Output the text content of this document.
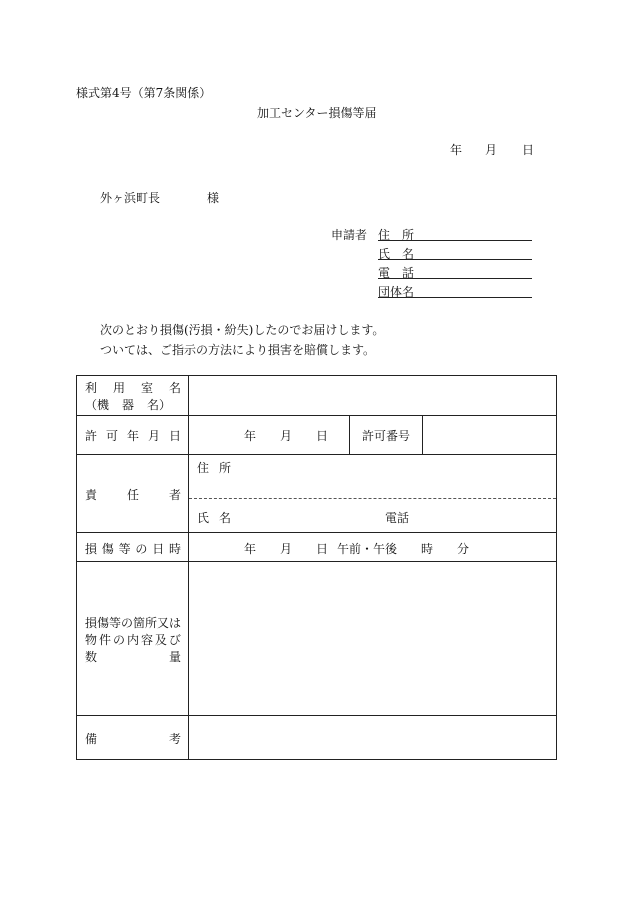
様式第4号（第7条関係）
加工センター損傷等届
年 月 日
外ヶ浜町長	様
申請者 住 所
氏 名
電 話
団体名
次のとおり損傷(汚損・紛失)したのでお届けします。
ついては、ご指示の方法により損害を賠償します。
利 用 室 名
（機 器 名）
許 可 年 月 日	年 月 日	許可番号
責 任 者
住 所
氏 名	電話
損 傷 等 の 日 時	年 月 日 午前・午後 時 分
損傷等の箇所又は
物 件 の 内 容 及 び
数	量
備	考
